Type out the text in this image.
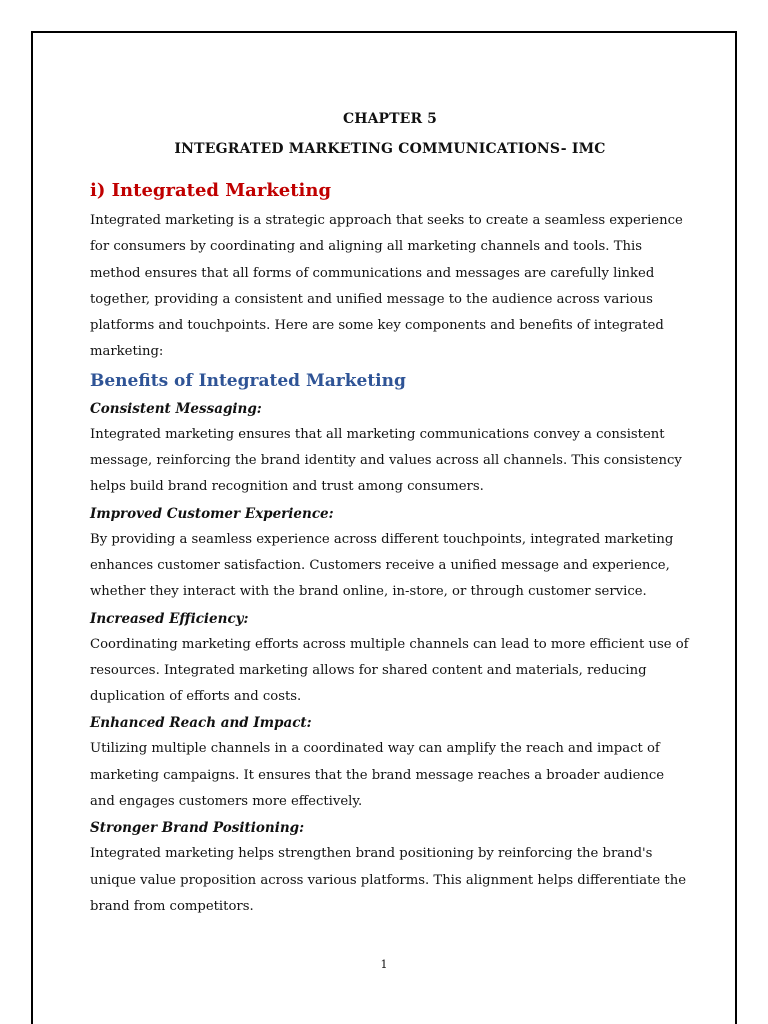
CHAPTER 5

INTEGRATED MARKETING COMMUNICATIONS- IMC

i) Integrated Marketing

Integrated marketing is a strategic approach that seeks to create a seamless experience for consumers by coordinating and aligning all marketing channels and tools. This method ensures that all forms of communications and messages are carefully linked together, providing a consistent and unified message to the audience across various platforms and touchpoints. Here are some key components and benefits of integrated marketing:

Benefits of Integrated Marketing

Consistent Messaging:

Integrated marketing ensures that all marketing communications convey a consistent message, reinforcing the brand identity and values across all channels. This consistency helps build brand recognition and trust among consumers.

Improved Customer Experience:

By providing a seamless experience across different touchpoints, integrated marketing enhances customer satisfaction. Customers receive a unified message and experience, whether they interact with the brand online, in-store, or through customer service.

Increased Efficiency:

Coordinating marketing efforts across multiple channels can lead to more efficient use of resources. Integrated marketing allows for shared content and materials, reducing duplication of efforts and costs.

Enhanced Reach and Impact:

Utilizing multiple channels in a coordinated way can amplify the reach and impact of marketing campaigns. It ensures that the brand message reaches a broader audience and engages customers more effectively.

Stronger Brand Positioning:

Integrated marketing helps strengthen brand positioning by reinforcing the brand's unique value proposition across various platforms. This alignment helps differentiate the brand from competitors.

1
